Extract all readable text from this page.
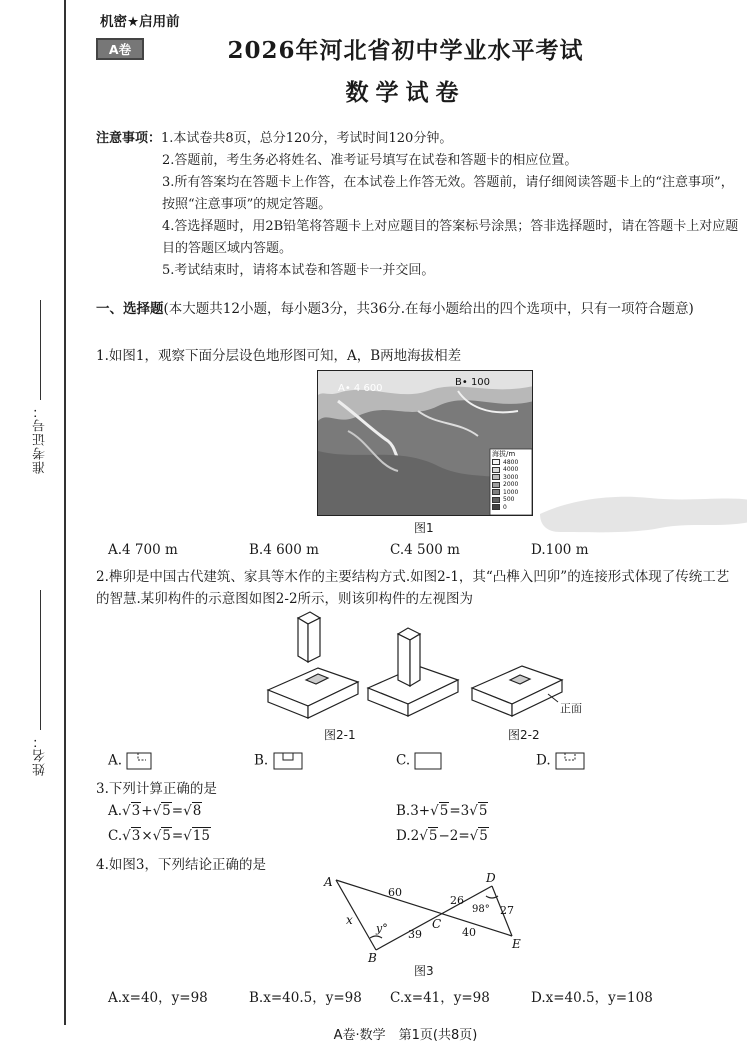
准考证号：
姓名：
机密★启用前
A卷	2026年河北省初中学业水平考试
数学试卷
注意事项： 1.本试卷共8页，总分120分，考试时间120分钟。
2.答题前，考生务必将姓名、准考证号填写在试卷和答题卡的相应位置。
3.所有答案均在答题卡上作答，在本试卷上作答无效。答题前，请仔细阅读答题卡上的“注意事项”，按照“注意事项”的规定答题。
4.答选择题时，用2B铅笔将答题卡上对应题目的答案标号涂黑；答非选择题时，请在答题卡上对应题目的答题区域内答题。
5.考试结束时，请将本试卷和答题卡一并交回。
一、选择题(本大题共12小题，每小题3分，共36分.在每小题给出的四个选项中，只有一项符合题意)
1.如图1，观察下面分层设色地形图可知，A，B两地海拔相差
A• 4 600
B• 100
海拔/m
4800
4000
3000
2000
1000
500
0
图1
A.4 700 m	B.4 600 m	C.4 500 m	D.100 m
2.榫卯是中国古代建筑、家具等木作的主要结构方式.如图2-1，其“凸榫入凹卯”的连接形式体现了传统工艺的智慧.某卯构件的示意图如图2-2所示，则该卯构件的左视图为
正面
图2-1	图2-2
A.	B.	C.	D.
3.下列计算正确的是
A.√3+√5=√8	B.3+√5=3√5
C.√3×√5=√15	D.2√5−2=√5
4.如图3，下列结论正确的是
A
B
C
D
E
x
y°
60
39
26
40
27
98°
图3
A.x=40，y=98	B.x=40.5，y=98	C.x=41，y=98	D.x=40.5，y=108
A卷·数学　第1页(共8页)
